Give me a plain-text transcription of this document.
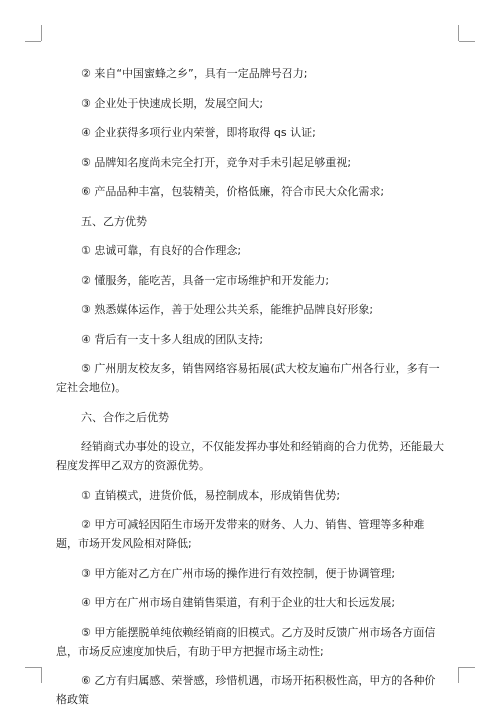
② 来自“中国蜜蜂之乡”，具有一定品牌号召力;

③ 企业处于快速成长期，发展空间大;

④ 企业获得多项行业内荣誉，即将取得 qs 认证;

⑤ 品牌知名度尚未完全打开，竞争对手未引起足够重视;

⑥ 产品品种丰富，包装精美，价格低廉，符合市民大众化需求;

五、乙方优势

① 忠诚可靠，有良好的合作理念;

② 懂服务，能吃苦，具备一定市场维护和开发能力;

③ 熟悉媒体运作，善于处理公共关系，能维护品牌良好形象;

④ 背后有一支十多人组成的团队支持;

⑤ 广州朋友校友多，销售网络容易拓展(武大校友遍布广州各行业，多有一定社会地位)。

六、合作之后优势

经销商式办事处的设立，不仅能发挥办事处和经销商的合力优势，还能最大程度发挥甲乙双方的资源优势。

① 直销模式，进货价低，易控制成本，形成销售优势;

② 甲方可减轻因陌生市场开发带来的财务、人力、销售、管理等多种难题，市场开发风险相对降低;

③ 甲方能对乙方在广州市场的操作进行有效控制，便于协调管理;

④ 甲方在广州市场自建销售渠道，有利于企业的壮大和长远发展;

⑤ 甲方能摆脱单纯依赖经销商的旧模式。乙方及时反馈广州市场各方面信息，市场反应速度加快后，有助于甲方把握市场主动性;

⑥ 乙方有归属感、荣誉感，珍惜机遇，市场开拓积极性高，甲方的各种价格政策
